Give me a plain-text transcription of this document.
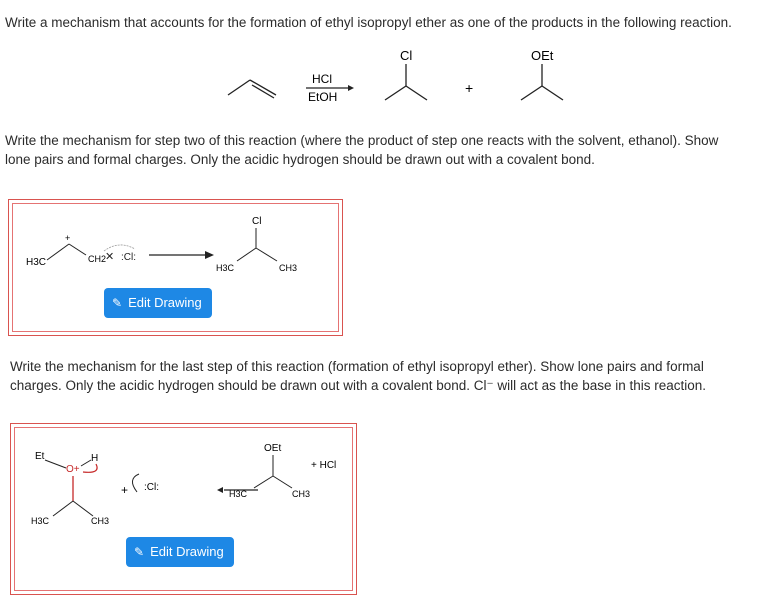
Write a mechanism that accounts for the formation of ethyl isopropyl ether as one of the products in the following reaction.
HCl
EtOH
Cl
+
OEt
Write the mechanism for step two of this reaction (where the product of step one reacts with the solvent, ethanol). Show
lone pairs and formal charges. Only the acidic hydrogen should be drawn out with a covalent bond.
H3C
+
CH2
✕ :Cl:
Cl
H3C	CH3
✎ Edit Drawing
Write the mechanism for the last step of this reaction (formation of ethyl isopropyl ether). Show lone pairs and formal
charges. Only the acidic hydrogen should be drawn out with a covalent bond. Cl⁻ will act as the base in this reaction.
Et	H
O+
H3C	CH3
+ :Cl:
OEt
H3C	CH3
+ HCl
✎ Edit Drawing
